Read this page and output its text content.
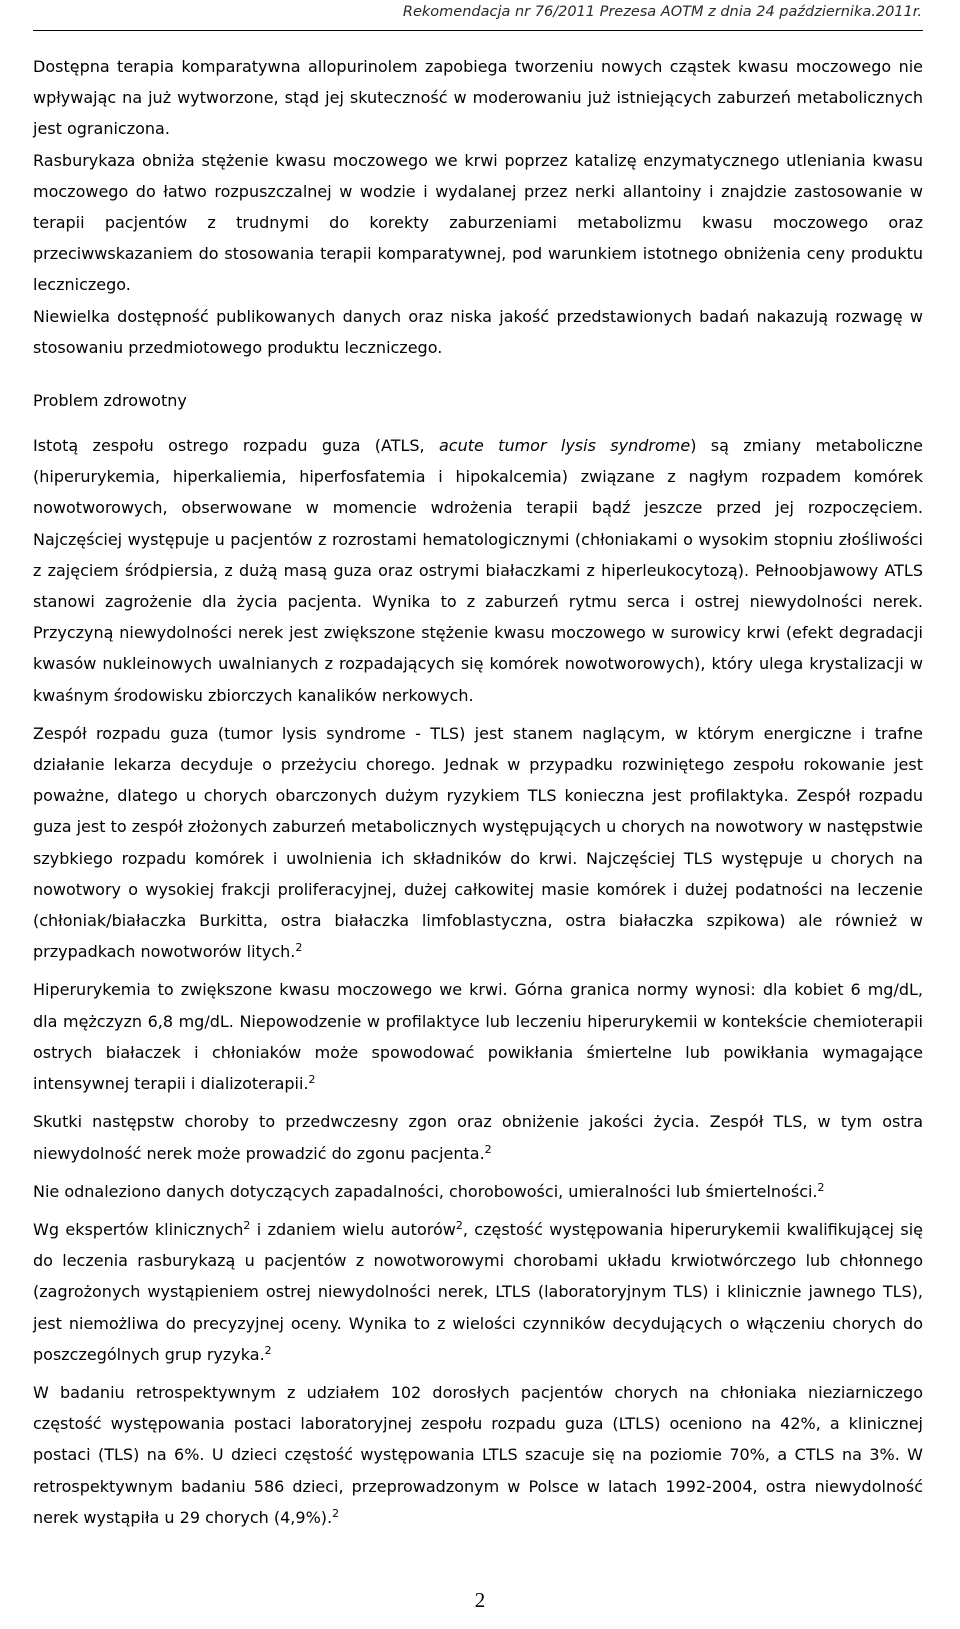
Rekomendacja nr 76/2011 Prezesa AOTM z dnia 24 października.2011r.

Dostępna terapia komparatywna allopurinolem zapobiega tworzeniu nowych cząstek kwasu moczowego nie wpływając na już wytworzone, stąd jej skuteczność w moderowaniu już istniejących zaburzeń metabolicznych jest ograniczona.

Rasburykaza obniża stężenie kwasu moczowego we krwi poprzez katalizę enzymatycznego utleniania kwasu moczowego do łatwo rozpuszczalnej w wodzie i wydalanej przez nerki allantoiny i znajdzie zastosowanie w terapii pacjentów z trudnymi do korekty zaburzeniami metabolizmu kwasu moczowego oraz przeciwwskazaniem do stosowania terapii komparatywnej, pod warunkiem istotnego obniżenia ceny produktu leczniczego.

Niewielka dostępność publikowanych danych oraz niska jakość przedstawionych badań nakazują rozwagę w stosowaniu przedmiotowego produktu leczniczego.

Problem zdrowotny

Istotą zespołu ostrego rozpadu guza (ATLS, acute tumor lysis syndrome) są zmiany metaboliczne (hiperurykemia, hiperkaliemia, hiperfosfatemia i hipokalcemia) związane z nagłym rozpadem komórek nowotworowych, obserwowane w momencie wdrożenia terapii bądź jeszcze przed jej rozpoczęciem. Najczęściej występuje u pacjentów z rozrostami hematologicznymi (chłoniakami o wysokim stopniu złośliwości z zajęciem śródpiersia, z dużą masą guza oraz ostrymi białaczkami z hiperleukocytozą). Pełnoobjawowy ATLS stanowi zagrożenie dla życia pacjenta. Wynika to z zaburzeń rytmu serca i ostrej niewydolności nerek. Przyczyną niewydolności nerek jest zwiększone stężenie kwasu moczowego w surowicy krwi (efekt degradacji kwasów nukleinowych uwalnianych z rozpadających się komórek nowotworowych), który ulega krystalizacji w kwaśnym środowisku zbiorczych kanalików nerkowych.

Zespół rozpadu guza (tumor lysis syndrome - TLS) jest stanem naglącym, w którym energiczne i trafne działanie lekarza decyduje o przeżyciu chorego. Jednak w przypadku rozwiniętego zespołu rokowanie jest poważne, dlatego u chorych obarczonych dużym ryzykiem TLS konieczna jest profilaktyka. Zespół rozpadu guza jest to zespół złożonych zaburzeń metabolicznych występujących u chorych na nowotwory w następstwie szybkiego rozpadu komórek i uwolnienia ich składników do krwi. Najczęściej TLS występuje u chorych na nowotwory o wysokiej frakcji proliferacyjnej, dużej całkowitej masie komórek i dużej podatności na leczenie (chłoniak/białaczka Burkitta, ostra białaczka limfoblastyczna, ostra białaczka szpikowa) ale również w przypadkach nowotworów litych.$^2$

Hiperurykemia to zwiększone kwasu moczowego we krwi. Górna granica normy wynosi: dla kobiet 6 mg/dL, dla mężczyzn 6,8 mg/dL. Niepowodzenie w profilaktyce lub leczeniu hiperurykemii w kontekście chemioterapii ostrych białaczek i chłoniaków może spowodować powikłania śmiertelne lub powikłania wymagające intensywnej terapii i dializoterapii.$^2$

Skutki następstw choroby to przedwczesny zgon oraz obniżenie jakości życia. Zespół TLS, w tym ostra niewydolność nerek może prowadzić do zgonu pacjenta.$^2$

Nie odnaleziono danych dotyczących zapadalności, chorobowości, umieralności lub śmiertelności.$^2$

Wg ekspertów klinicznych$^2$ i zdaniem wielu autorów$^2$, częstość występowania hiperurykemii kwalifikującej się do leczenia rasburykazą u pacjentów z nowotworowymi chorobami układu krwiotwórczego lub chłonnego (zagrożonych wystąpieniem ostrej niewydolności nerek, LTLS (laboratoryjnym TLS) i klinicznie jawnego TLS), jest niemożliwa do precyzyjnej oceny. Wynika to z wielości czynników decydujących o włączeniu chorych do poszczególnych grup ryzyka.$^2$

W badaniu retrospektywnym z udziałem 102 dorosłych pacjentów chorych na chłoniaka nieziarniczego częstość występowania postaci laboratoryjnej zespołu rozpadu guza (LTLS) oceniono na 42%, a klinicznej postaci (TLS) na 6%. U dzieci częstość występowania LTLS szacuje się na poziomie 70%, a CTLS na 3%. W retrospektywnym badaniu 586 dzieci, przeprowadzonym w Polsce w latach 1992-2004, ostra niewydolność nerek wystąpiła u 29 chorych (4,9%).$^2$

2
